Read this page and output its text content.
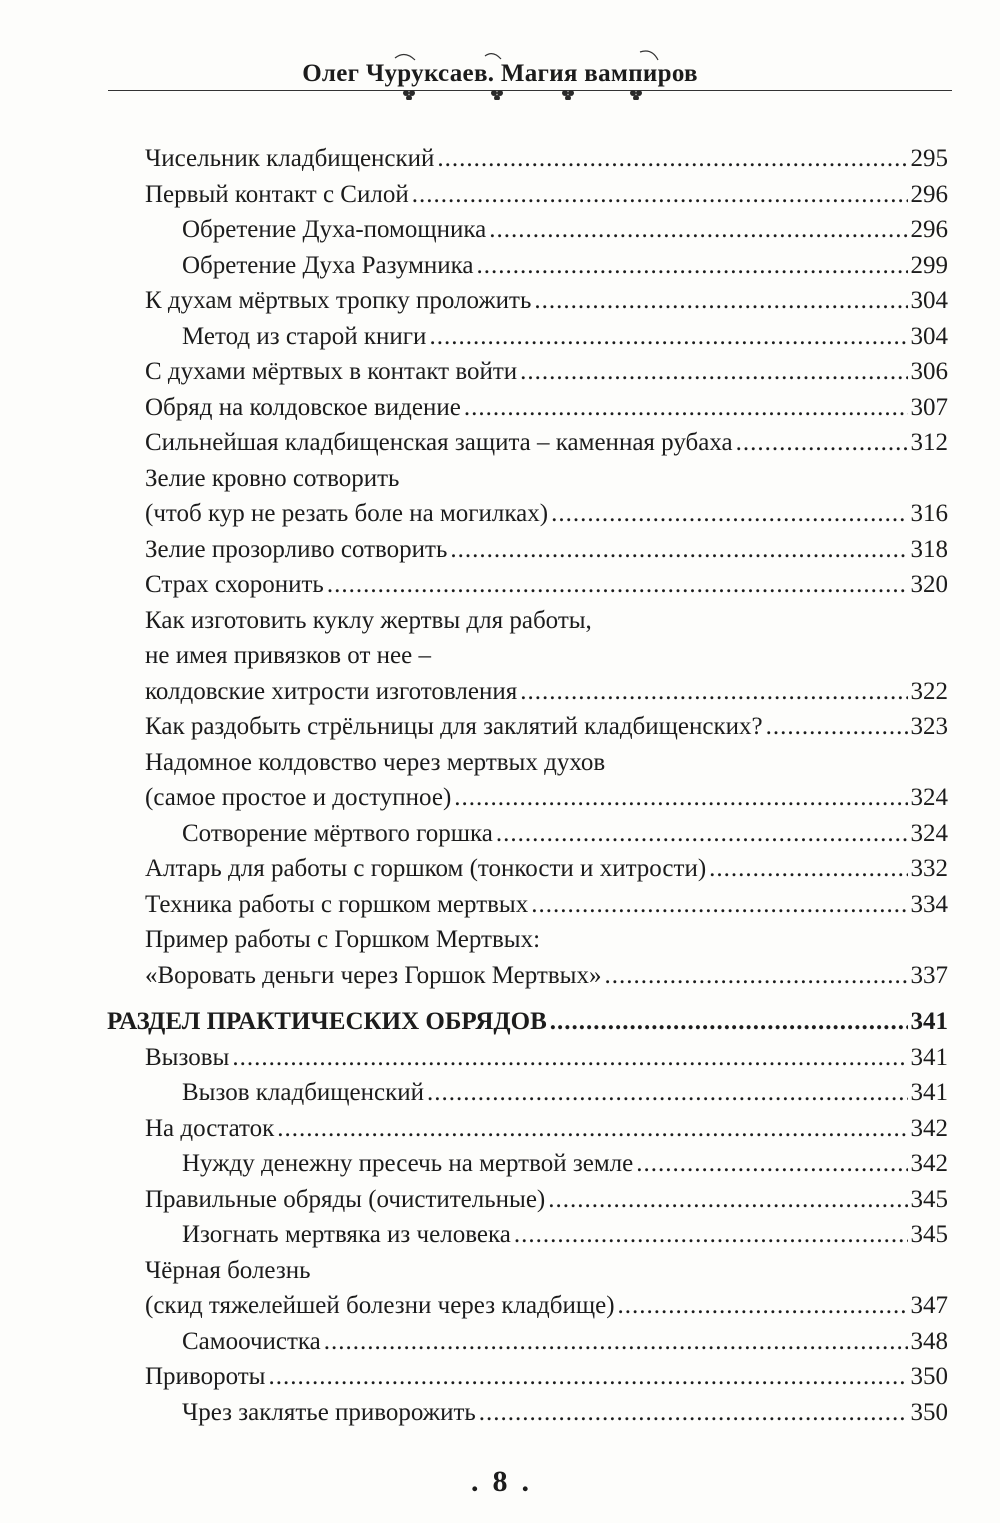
Олег Чуруксаев. Магия вампиров
Чисельник кладбищенский .....	295
Первый контакт с Силой .....	296
Обретение Духа-помощника .....	296
Обретение Духа Разумника .....	299
К духам мёртвых тропку проложить .....	304
Метод из старой книги .....	304
С духами мёртвых в контакт войти .....	306
Обряд на колдовское видение .....	307
Сильнейшая кладбищенская защита – каменная рубаха .....	312
Зелие кровно сотворить
(чтоб кур не резать боле на могилках) .....	316
Зелие прозорливо сотворить .....	318
Страх схоронить .....	320
Как изготовить куклу жертвы для работы,
не имея привязков от нее –
колдовские хитрости изготовления .....	322
Как раздобыть стрёльницы для заклятий кладбищенских? .....	323
Надомное колдовство через мертвых духов
(самое простое и доступное) .....	324
Сотворение мёртвого горшка .....	324
Алтарь для работы с горшком (тонкости и хитрости) .....	332
Техника работы с горшком мертвых .....	334
Пример работы с Горшком Мертвых:
«Воровать деньги через Горшок Мертвых» .....	337
РАЗДЕЛ ПРАКТИЧЕСКИХ ОБРЯДОВ .....	341
Вызовы .....	341
Вызов кладбищенский .....	341
На достаток .....	342
Нужду денежну пресечь на мертвой земле .....	342
Правильные обряды (очистительные) .....	345
Изогнать мертвяка из человека .....	345
Чёрная болезнь
(скид тяжелейшей болезни через кладбище) .....	347
Самоочистка .....	348
Привороты .....	350
Чрез заклятье приворожить .....	350
. 8 .
